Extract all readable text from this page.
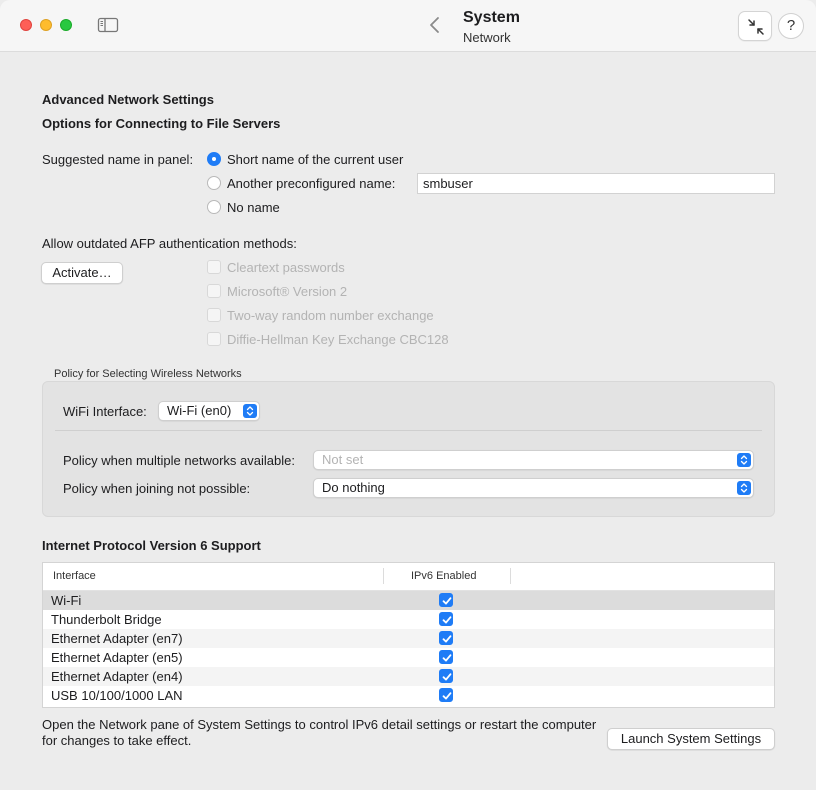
System
Network
?
Advanced Network Settings
Options for Connecting to File Servers
Suggested name in panel:	Short name of the current user
Another preconfigured name:
smbuser
No name
Allow outdated AFP authentication methods:
Activate…	Cleartext passwords
Microsoft® Version 2
Two-way random number exchange
Diffie-Hellman Key Exchange CBC128
Policy for Selecting Wireless Networks
WiFi Interface:	Wi-Fi (en0)
Policy when multiple networks available:	Not set
Policy when joining not possible:	Do nothing
Internet Protocol Version 6 Support
Interface	IPv6 Enabled
Wi-Fi
Thunderbolt Bridge
Ethernet Adapter (en7)
Ethernet Adapter (en5)
Ethernet Adapter (en4)
USB 10/100/1000 LAN
Open the Network pane of System Settings to control IPv6 detail settings or restart the computer for changes to take effect.	Launch System Settings
